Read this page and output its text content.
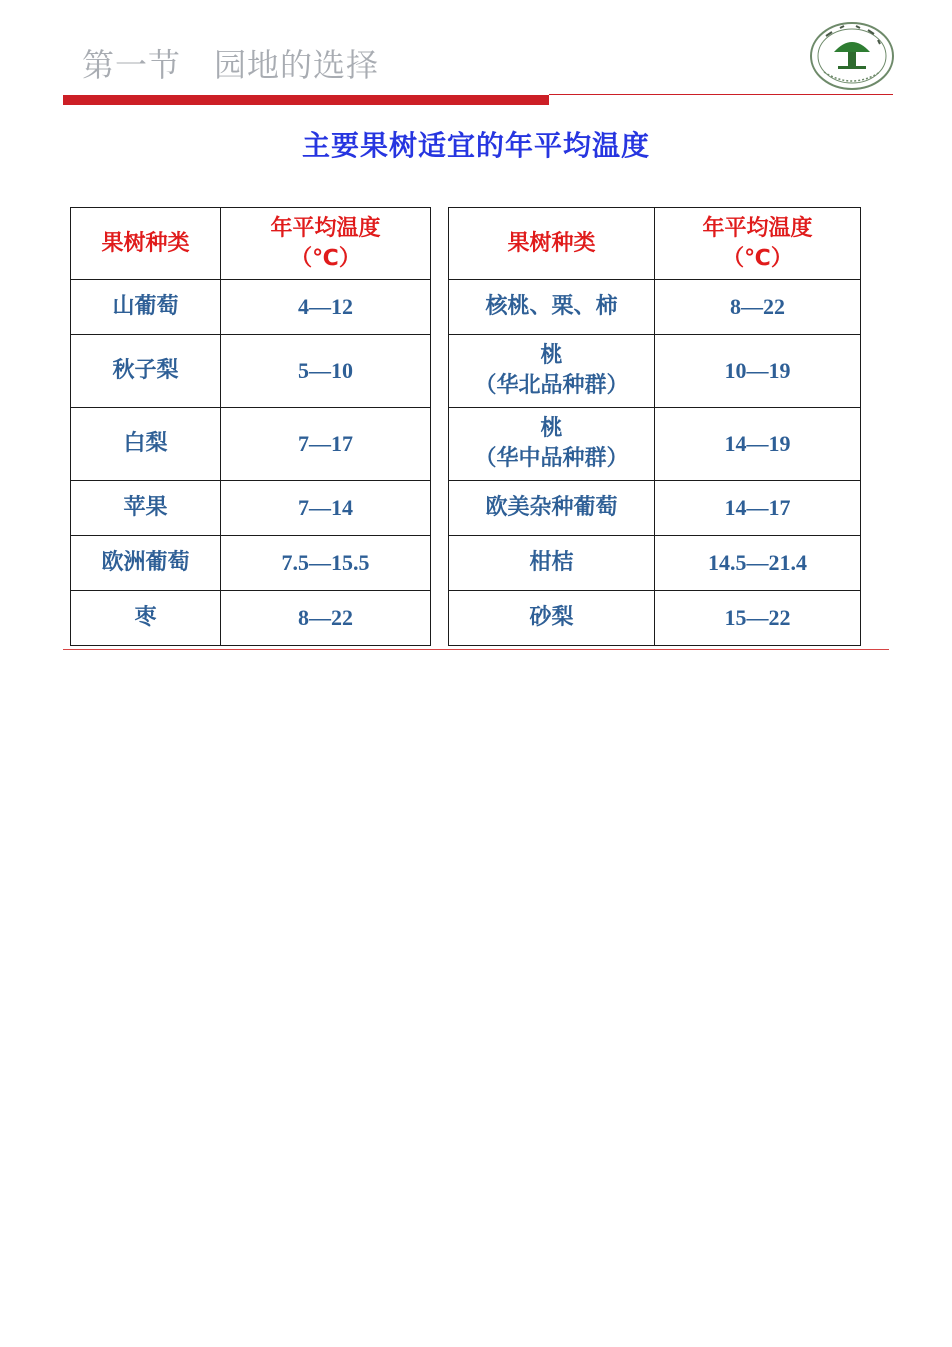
第一节　园地的选择
主要果树适宜的年平均温度
果树种类	年平均温度
（℃）

山葡萄	4—12
秋子梨	5—10
白梨	7—17
苹果	7—14
欧洲葡萄	7.5—15.5
枣	8—22
果树种类	年平均温度
（℃）

核桃、栗、柿	8—22

桃
（华北品种群）	10—19

桃
（华中品种群）	14—19
欧美杂种葡萄	14—17
柑桔	14.5—21.4
砂梨	15—22
